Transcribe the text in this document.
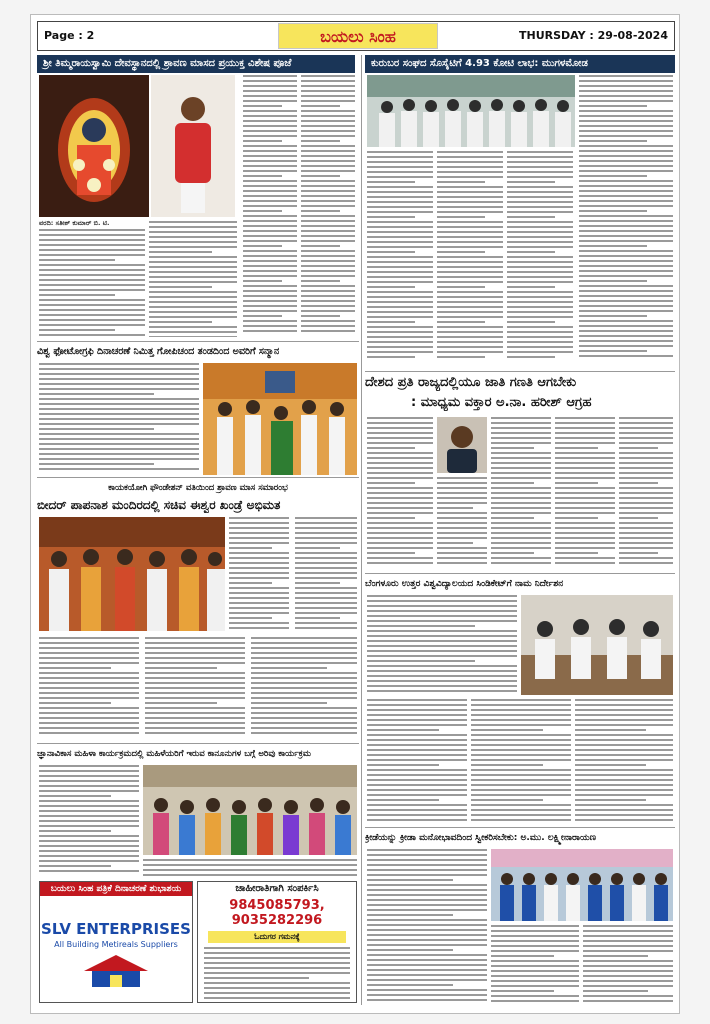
Page : 2	ಬಯಲು ಸಿಂಹ	THURSDAY : 29-08-2024
ಶ್ರೀ ತಿಮ್ಮರಾಯಸ್ವಾಮಿ ದೇವಸ್ಥಾನದಲ್ಲಿ ಶ್ರಾವಣ ಮಾಸದ ಪ್ರಯುಕ್ತ ವಿಶೇಷ ಪೂಜೆ
ವರದಿ: ಸತೀಶ್ ಕುಮಾರ್ ಬಿ. ಟಿ.
ಕುರುಬರ ಸಂಘದ ಸೊಸೈಟಿಗೆ 4.93 ಕೋಟಿ ಲಾಭ: ಮುಗಳಮೋಡ
ವಿಶ್ವ ಫೋಟೋಗ್ರಫಿ ದಿನಾಚರಣೆ ನಿಮಿತ್ತ ಗೋಪಿಚಂದ ತಂಡದಿಂದ ಅವರಿಗೆ ಸನ್ಮಾನ
ದೇಶದ ಪ್ರತಿ ರಾಜ್ಯದಲ್ಲಿಯೂ ಜಾತಿ ಗಣತಿ ಆಗಬೇಕು
: ಮಾಧ್ಯಮ ವಕ್ತಾರ ಅ.ನಾ. ಹರೀಶ್ ಆಗ್ರಹ
ಕಾಯಕಯೋಗಿ ಫೌಂಡೇಶನ್ ವತಿಯಿಂದ ಶ್ರಾವಣ ಮಾಸ ಸಮಾರಂಭ
ಬೀದರ್ ಪಾಪನಾಶ ಮಂದಿರದಲ್ಲಿ ಸಚಿವ ಈಶ್ವರ ಖಂಡ್ರೆ ಅಭಿಮತ
ಬೆಂಗಳೂರು ಉತ್ತರ ವಿಶ್ವವಿದ್ಯಾಲಯದ ಸಿಂಡಿಕೇಟ್‌ಗೆ ನಾಮ ನಿರ್ದೇಶನ
ಜ್ಞಾನಾವಿಕಾಸ ಮಹಿಳಾ ಕಾರ್ಯಕ್ರಮದಲ್ಲಿ ಮಹಿಳೆಯರಿಗೆ ಇರುವ ಕಾನೂನುಗಳ ಬಗ್ಗೆ ಅರಿವು ಕಾರ್ಯಕ್ರಮ
ಕ್ರೀಡೆಯನ್ನು ಕ್ರೀಡಾ ಮನೋಭಾವದಿಂದ ಸ್ವೀಕರಿಸಬೇಕು: ಅ.ಮು. ಲಕ್ಷ್ಮೀನಾರಾಯಣ
ಬಯಲು ಸಿಂಹ ಪತ್ರಿಕೆ ದಿನಾಚರಣೆ ಶುಭಾಶಯ
SLV ENTERPRISES
All Building Metireals Suppliers
ಜಾಹೀರಾತಿಗಾಗಿ ಸಂಪರ್ಕಿಸಿ
9845085793, 9035282296
ಓದುಗರ ಗಮನಕ್ಕೆ
